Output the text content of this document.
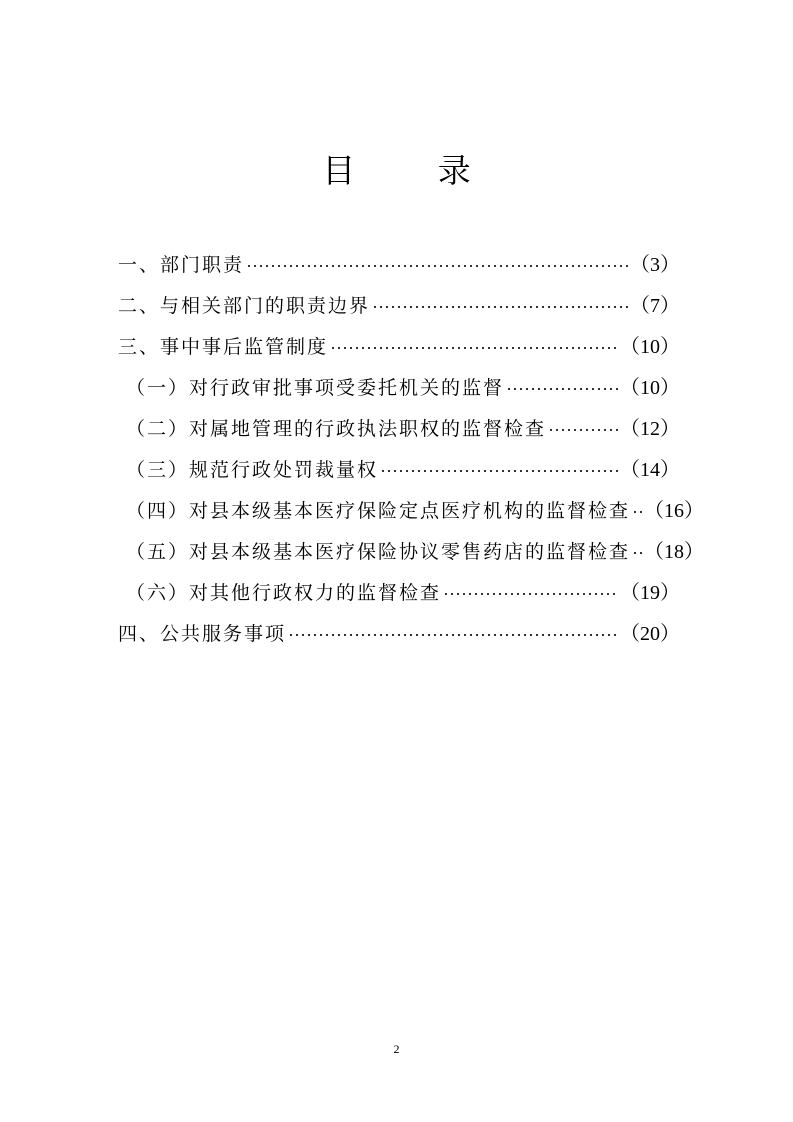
目 录
一、部门职责	（3）
二、与相关部门的职责边界	（7）
三、事中事后监管制度	（10）
（一）对行政审批事项受委托机关的监督	（10）
（二）对属地管理的行政执法职权的监督检查	（12）
（三）规范行政处罚裁量权	（14）
（四）对县本级基本医疗保险定点医疗机构的监督检查 （16）
（五）对县本级基本医疗保险协议零售药店的监督检查 （18）
（六）对其他行政权力的监督检查	（19）
四、公共服务事项	（20）
2
